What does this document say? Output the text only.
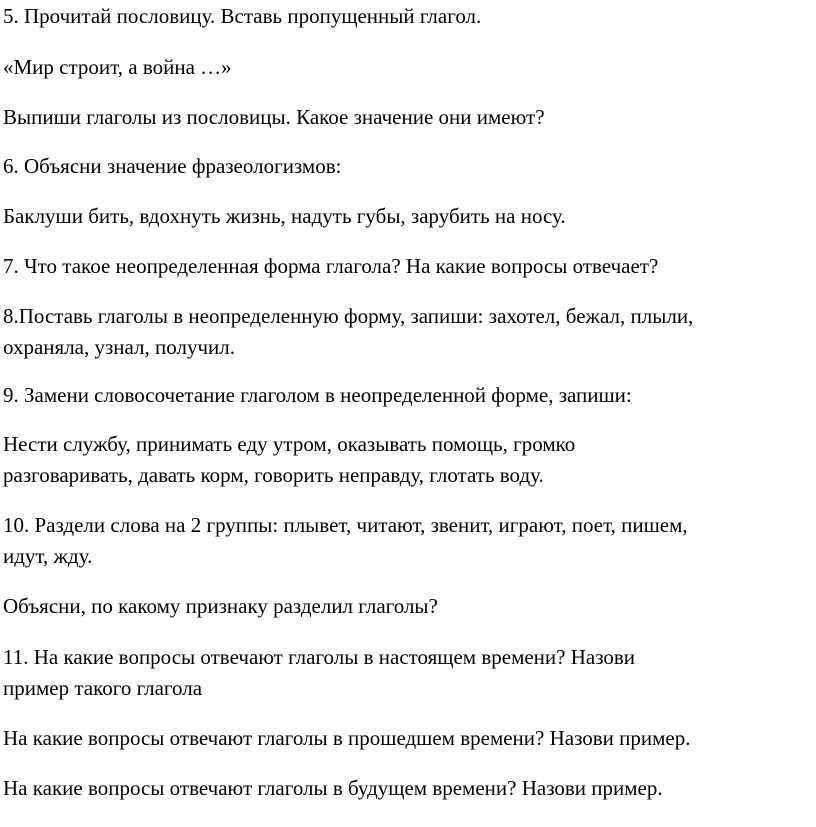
5. Прочитай пословицу. Вставь пропущенный глагол.

«Мир строит, а война …»

Выпиши глаголы из пословицы. Какое значение они имеют?

6. Объясни значение фразеологизмов:

Баклуши бить, вдохнуть жизнь, надуть губы, зарубить на носу.

7. Что такое неопределенная форма глагола? На какие вопросы отвечает?

8.Поставь глаголы в неопределенную форму, запиши: захотел, бежал, плыли,
охраняла, узнал, получил.

9. Замени словосочетание глаголом в неопределенной форме, запиши:

Нести службу, принимать еду утром, оказывать помощь, громко
разговаривать, давать корм, говорить неправду, глотать воду.

10. Раздели слова на 2 группы: плывет, читают, звенит, играют, поет, пишем,
идут, жду.

Объясни, по какому признаку разделил глаголы?

11. На какие вопросы отвечают глаголы в настоящем времени? Назови
пример такого глагола

На какие вопросы отвечают глаголы в прошедшем времени? Назови пример.

На какие вопросы отвечают глаголы в будущем времени? Назови пример.
